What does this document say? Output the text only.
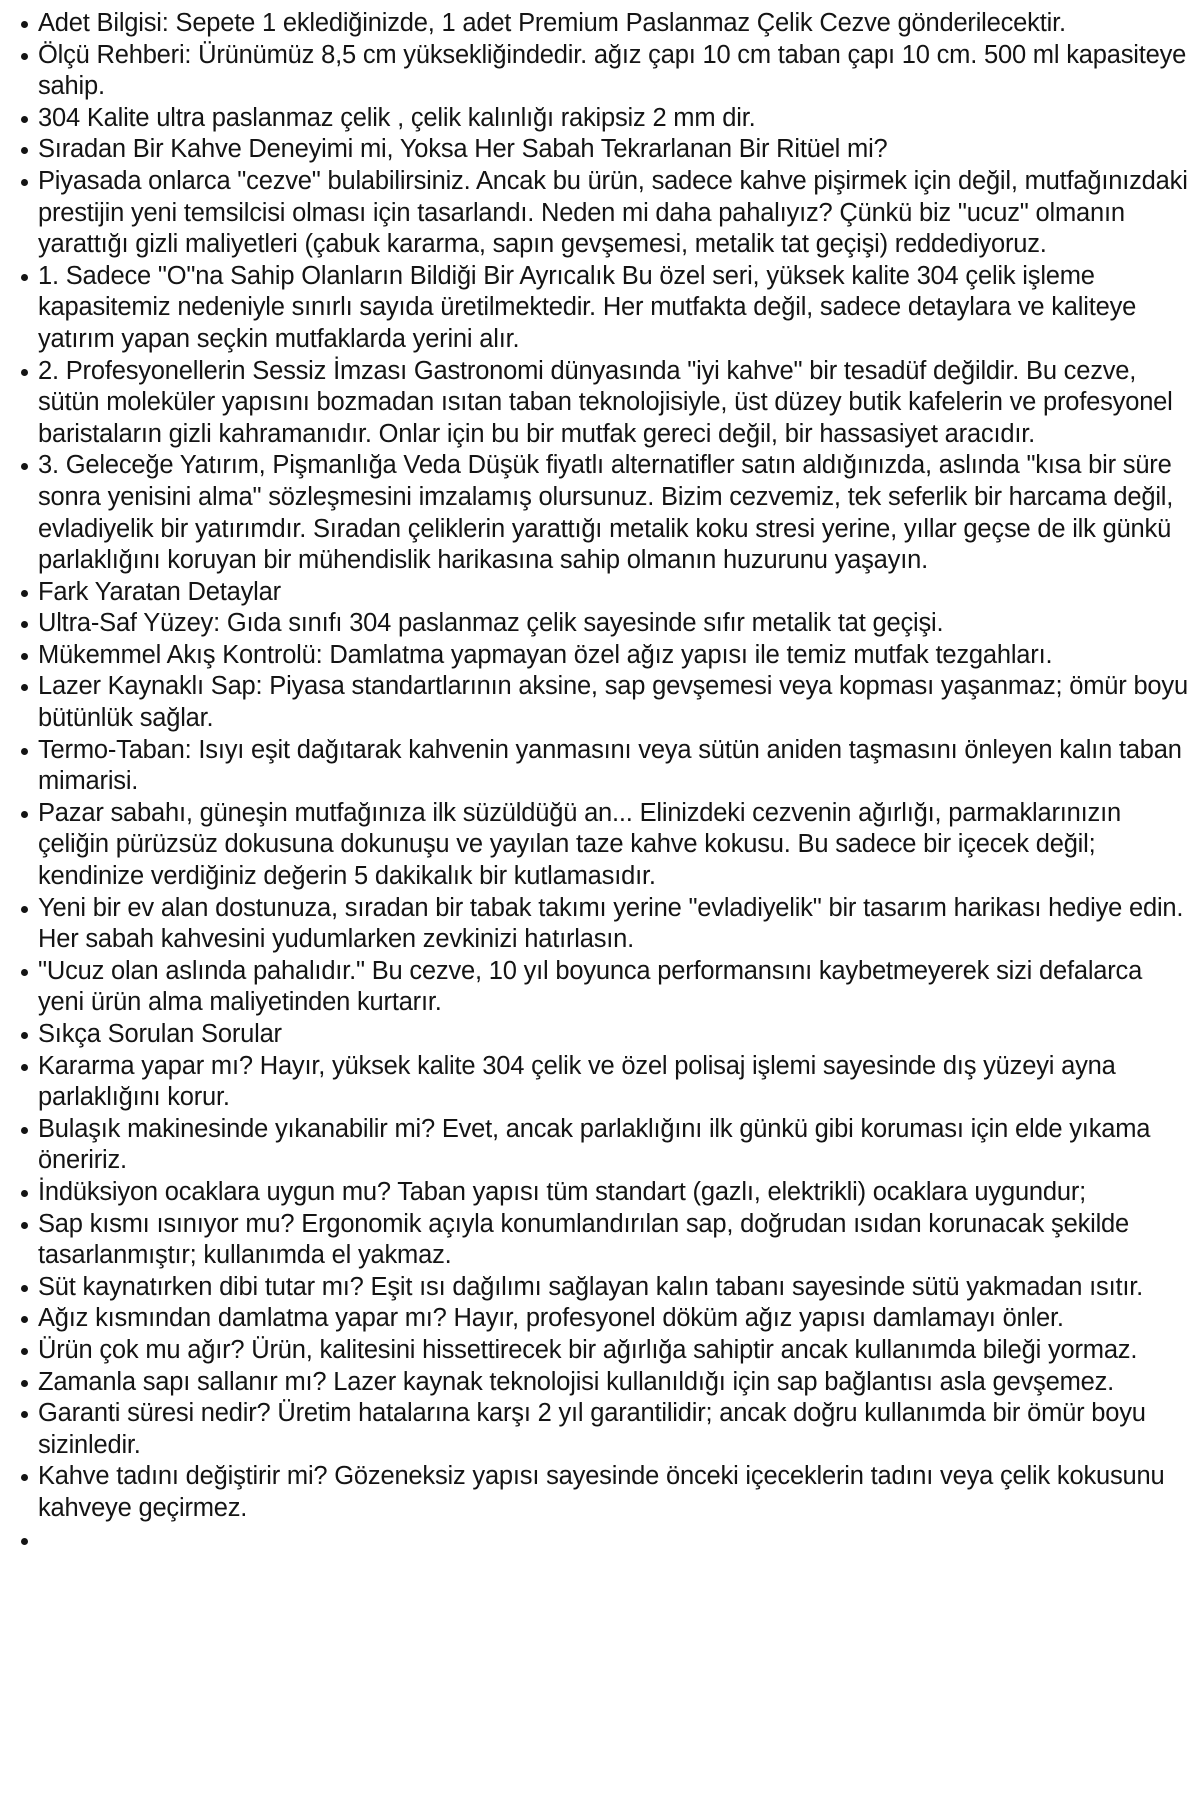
Adet Bilgisi: Sepete 1 eklediğinizde, 1 adet Premium Paslanmaz Çelik Cezve gönderilecektir.
Ölçü Rehberi: Ürünümüz 8,5 cm yüksekliğindedir. ağız çapı 10 cm taban çapı 10 cm. 500 ml kapasiteye sahip.
304 Kalite ultra paslanmaz çelik , çelik kalınlığı rakipsiz 2 mm dir.
Sıradan Bir Kahve Deneyimi mi, Yoksa Her Sabah Tekrarlanan Bir Ritüel mi?
Piyasada onlarca "cezve" bulabilirsiniz. Ancak bu ürün, sadece kahve pişirmek için değil, mutfağınızdaki prestijin yeni temsilcisi olması için tasarlandı. Neden mi daha pahalıyız? Çünkü biz "ucuz" olmanın yarattığı gizli maliyetleri (çabuk kararma, sapın gevşemesi, metalik tat geçişi) reddediyoruz.
1. Sadece "O"na Sahip Olanların Bildiği Bir Ayrıcalık Bu özel seri, yüksek kalite 304 çelik işleme kapasitemiz nedeniyle sınırlı sayıda üretilmektedir. Her mutfakta değil, sadece detaylara ve kaliteye yatırım yapan seçkin mutfaklarda yerini alır.
2. Profesyonellerin Sessiz İmzası Gastronomi dünyasında "iyi kahve" bir tesadüf değildir. Bu cezve, sütün moleküler yapısını bozmadan ısıtan taban teknolojisiyle, üst düzey butik kafelerin ve profesyonel baristaların gizli kahramanıdır. Onlar için bu bir mutfak gereci değil, bir hassasiyet aracıdır.
3. Geleceğe Yatırım, Pişmanlığa Veda Düşük fiyatlı alternatifler satın aldığınızda, aslında "kısa bir süre sonra yenisini alma" sözleşmesini imzalamış olursunuz. Bizim cezvemiz, tek seferlik bir harcama değil, evladiyelik bir yatırımdır. Sıradan çeliklerin yarattığı metalik koku stresi yerine, yıllar geçse de ilk günkü parlaklığını koruyan bir mühendislik harikasına sahip olmanın huzurunu yaşayın.
Fark Yaratan Detaylar
Ultra-Saf Yüzey: Gıda sınıfı 304 paslanmaz çelik sayesinde sıfır metalik tat geçişi.
Mükemmel Akış Kontrolü: Damlatma yapmayan özel ağız yapısı ile temiz mutfak tezgahları.
Lazer Kaynaklı Sap: Piyasa standartlarının aksine, sap gevşemesi veya kopması yaşanmaz; ömür boyu bütünlük sağlar.
Termo-Taban: Isıyı eşit dağıtarak kahvenin yanmasını veya sütün aniden taşmasını önleyen kalın taban mimarisi.
Pazar sabahı, güneşin mutfağınıza ilk süzüldüğü an... Elinizdeki cezvenin ağırlığı, parmaklarınızın çeliğin pürüzsüz dokusuna dokunuşu ve yayılan taze kahve kokusu. Bu sadece bir içecek değil; kendinize verdiğiniz değerin 5 dakikalık bir kutlamasıdır.
Yeni bir ev alan dostunuza, sıradan bir tabak takımı yerine "evladiyelik" bir tasarım harikası hediye edin. Her sabah kahvesini yudumlarken zevkinizi hatırlasın.
"Ucuz olan aslında pahalıdır." Bu cezve, 10 yıl boyunca performansını kaybetmeyerek sizi defalarca yeni ürün alma maliyetinden kurtarır.
Sıkça Sorulan Sorular
Kararma yapar mı? Hayır, yüksek kalite 304 çelik ve özel polisaj işlemi sayesinde dış yüzeyi ayna parlaklığını korur.
Bulaşık makinesinde yıkanabilir mi? Evet, ancak parlaklığını ilk günkü gibi koruması için elde yıkama öneririz.
İndüksiyon ocaklara uygun mu? Taban yapısı tüm standart (gazlı, elektrikli) ocaklara uygundur;
Sap kısmı ısınıyor mu? Ergonomik açıyla konumlandırılan sap, doğrudan ısıdan korunacak şekilde tasarlanmıştır; kullanımda el yakmaz.
Süt kaynatırken dibi tutar mı? Eşit ısı dağılımı sağlayan kalın tabanı sayesinde sütü yakmadan ısıtır.
Ağız kısmından damlatma yapar mı? Hayır, profesyonel döküm ağız yapısı damlamayı önler.
Ürün çok mu ağır? Ürün, kalitesini hissettirecek bir ağırlığa sahiptir ancak kullanımda bileği yormaz.
Zamanla sapı sallanır mı? Lazer kaynak teknolojisi kullanıldığı için sap bağlantısı asla gevşemez.
Garanti süresi nedir? Üretim hatalarına karşı 2 yıl garantilidir; ancak doğru kullanımda bir ömür boyu sizinledir.
Kahve tadını değiştirir mi? Gözeneksiz yapısı sayesinde önceki içeceklerin tadını veya çelik kokusunu kahveye geçirmez.
